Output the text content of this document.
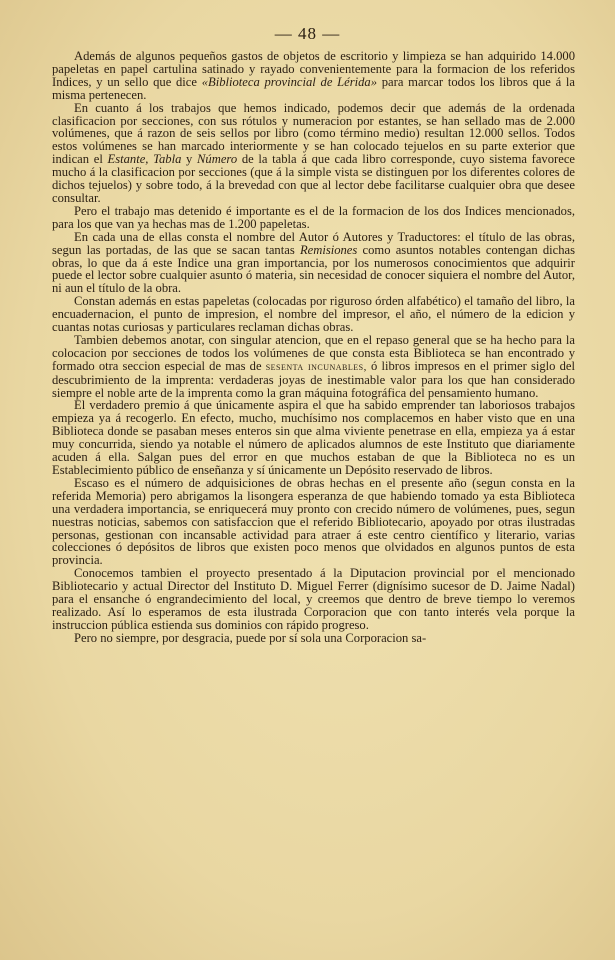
— 48 —

Además de algunos pequeños gastos de objetos de escritorio y limpieza se han adquirido 14.000 papeletas en papel cartulina satinado y rayado convenientemente para la formacion de los referidos Indices, y un sello que dice «Biblioteca provincial de Lérida» para marcar todos los libros que á la misma pertenecen.

En cuanto á los trabajos que hemos indicado, podemos decir que además de la ordenada clasificacion por secciones, con sus rótulos y numeracion por estantes, se han sellado mas de 2.000 volúmenes, que á razon de seis sellos por libro (como término medio) resultan 12.000 sellos. Todos estos volúmenes se han marcado interiormente y se han colocado tejuelos en su parte exterior que indican el Estante, Tabla y Número de la tabla á que cada libro corresponde, cuyo sistema favorece mucho á la clasificacion por secciones (que á la simple vista se distinguen por los diferentes colores de dichos tejuelos) y sobre todo, á la brevedad con que al lector debe facilitarse cualquier obra que desee consultar.

Pero el trabajo mas detenido é importante es el de la formacion de los dos Indices mencionados, para los que van ya hechas mas de 1.200 papeletas.

En cada una de ellas consta el nombre del Autor ó Autores y Traductores: el título de las obras, segun las portadas, de las que se sacan tantas Remisiones como asuntos notables contengan dichas obras, lo que da á este Indice una gran importancia, por los numerosos conocimientos que adquirir puede el lector sobre cualquier asunto ó materia, sin necesidad de conocer siquiera el nombre del Autor, ni aun el título de la obra.

Constan además en estas papeletas (colocadas por riguroso órden alfabético) el tamaño del libro, la encuadernacion, el punto de impresion, el nombre del impresor, el año, el número de la edicion y cuantas notas curiosas y particulares reclaman dichas obras.

Tambien debemos anotar, con singular atencion, que en el repaso general que se ha hecho para la colocacion por secciones de todos los volúmenes de que consta esta Biblioteca se han encontrado y formado otra seccion especial de mas de sesenta incunables, ó libros impresos en el primer siglo del descubrimiento de la imprenta: verdaderas joyas de inestimable valor para los que han considerado siempre el noble arte de la imprenta como la gran máquina fotográfica del pensamiento humano.

El verdadero premio á que únicamente aspira el que ha sabido emprender tan laboriosos trabajos empieza ya á recogerlo. En efecto, mucho, muchísimo nos complacemos en haber visto que en una Biblioteca donde se pasaban meses enteros sin que alma viviente penetrase en ella, empieza ya á estar muy concurrida, siendo ya notable el número de aplicados alumnos de este Instituto que diariamente acuden á ella. Salgan pues del error en que muchos estaban de que la Biblioteca no es un Establecimiento público de enseñanza y sí únicamente un Depósito reservado de libros.

Escaso es el número de adquisiciones de obras hechas en el presente año (segun consta en la referida Memoria) pero abrigamos la lisongera esperanza de que habiendo tomado ya esta Biblioteca una verdadera importancia, se enriquecerá muy pronto con crecido número de volúmenes, pues, segun nuestras noticias, sabemos con satisfaccion que el referido Bibliotecario, apoyado por otras ilustradas personas, gestionan con incansable actividad para atraer á este centro científico y literario, varias colecciones ó depósitos de libros que existen poco menos que olvidados en algunos puntos de esta provincia.

Conocemos tambien el proyecto presentado á la Diputacion provincial por el mencionado Bibliotecario y actual Director del Instituto D. Miguel Ferrer (dignísimo sucesor de D. Jaime Nadal) para el ensanche ó engrandecimiento del local, y creemos que dentro de breve tiempo lo veremos realizado. Así lo esperamos de esta ilustrada Corporacion que con tanto interés vela porque la instruccion pública estienda sus dominios con rápido progreso.

Pero no siempre, por desgracia, puede por sí sola una Corporacion sa-
